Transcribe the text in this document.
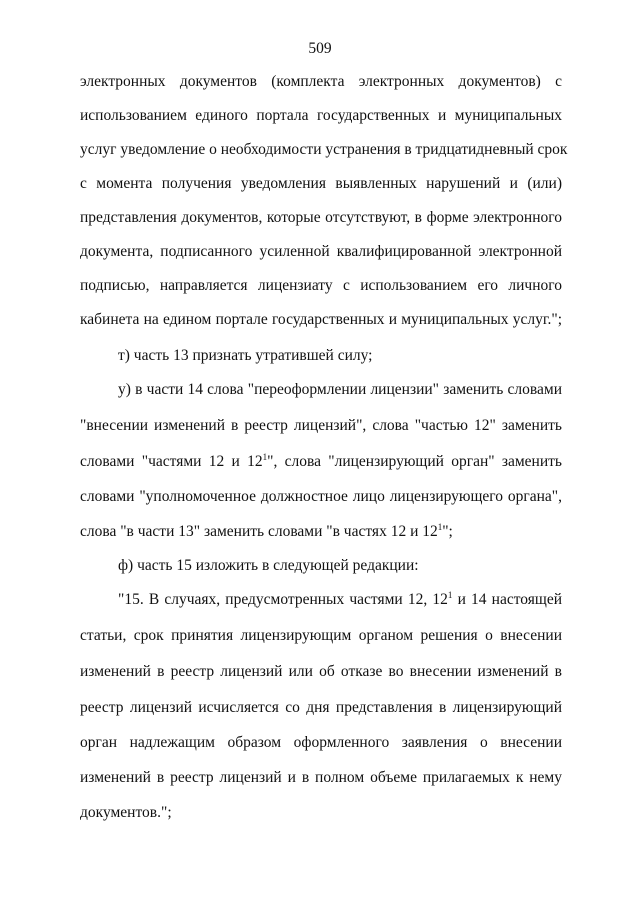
509
электронных документов (комплекта электронных документов) с
использованием единого портала государственных и муниципальных
услуг уведомление о необходимости устранения в тридцатидневный срок
с момента получения уведомления выявленных нарушений и (или)
представления документов, которые отсутствуют, в форме электронного
документа, подписанного усиленной квалифицированной электронной
подписью, направляется лицензиату с использованием его личного
кабинета на едином портале государственных и муниципальных услуг.";
т) часть 13 признать утратившей силу;
у) в части 14 слова "переоформлении лицензии" заменить словами
"внесении изменений в реестр лицензий", слова "частью 12" заменить
словами "частями 12 и $12^1$", слова "лицензирующий орган" заменить
словами "уполномоченное должностное лицо лицензирующего органа",
слова "в части 13" заменить словами "в частях 12 и $12^1$";
ф) часть 15 изложить в следующей редакции:
"15. В случаях, предусмотренных частями 12, $12^1$ и 14 настоящей
статьи, срок принятия лицензирующим органом решения о внесении
изменений в реестр лицензий или об отказе во внесении изменений в
реестр лицензий исчисляется со дня представления в лицензирующий
орган надлежащим образом оформленного заявления о внесении
изменений в реестр лицензий и в полном объеме прилагаемых к нему
документов.";
